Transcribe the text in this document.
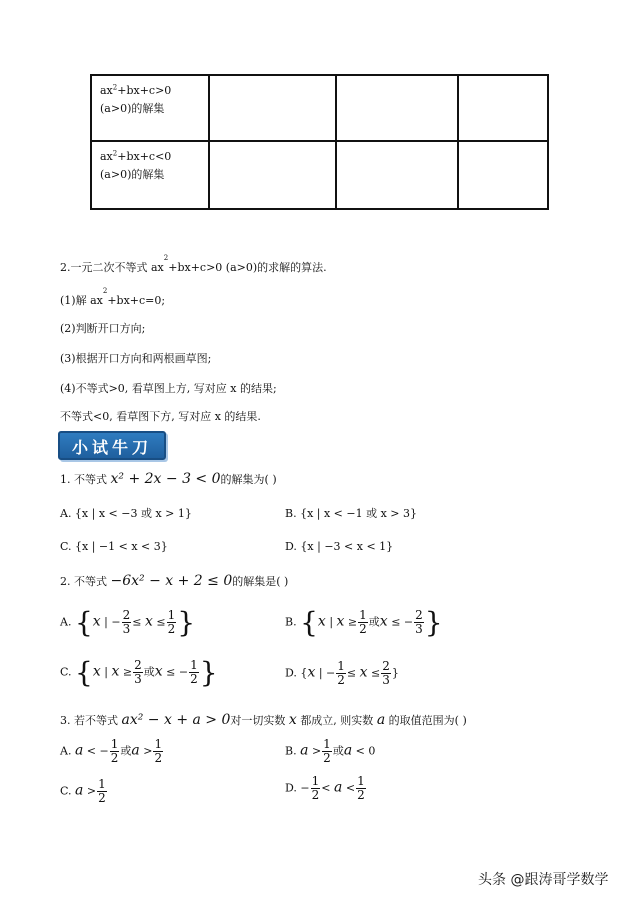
$ax^2+bx+c>0$
(a>0)的解集			

$ax^2+bx+c<0$
(a>0)的解集			

2.一元二次不等式 $ax^2+bx+c>0$ (a>0)的求解的算法.
(1)解 $ax^2+bx+c=0$;
(2)判断开口方向;
(3)根据开口方向和两根画草图;
(4)不等式>0, 看草图上方, 写对应 x 的结果;
不等式<0, 看草图下方, 写对应 x 的结果.
小试牛刀
1. 不等式 x² + 2x − 3 < 0的解集为( )
A. {x | x < −3 或 x > 1}	B. {x | x < −1 或 x > 3}
C. {x | −1 < x < 3}	D. {x | −3 < x < 1}
2. 不等式 −6x² − x + 2 ≤ 0的解集是( )
A. {x | − $\frac{2}{3} \le x \le \frac{1}{2}$ }	B. {x | $x \ge \frac{1}{2}$ 或x ≤ − $\frac{2}{3}$ }
C. {x | $x \ge \frac{2}{3}$ 或x ≤ − $\frac{1}{2}$ }	D. {x | − $\frac{1}{2} \le x \le \frac{2}{3}$ }
3. 若不等式 ax² − x + a > 0对一切实数 x 都成立, 则实数 a 的取值范围为( )
A. a < − $\frac{1}{2}$ 或$a > \frac{1}{2}$	B. $a > \frac{1}{2}$ 或a < 0
C. $a > \frac{1}{2}$	D. − $\frac{1}{2} < a < \frac{1}{2}$
头条 @跟涛哥学数学
